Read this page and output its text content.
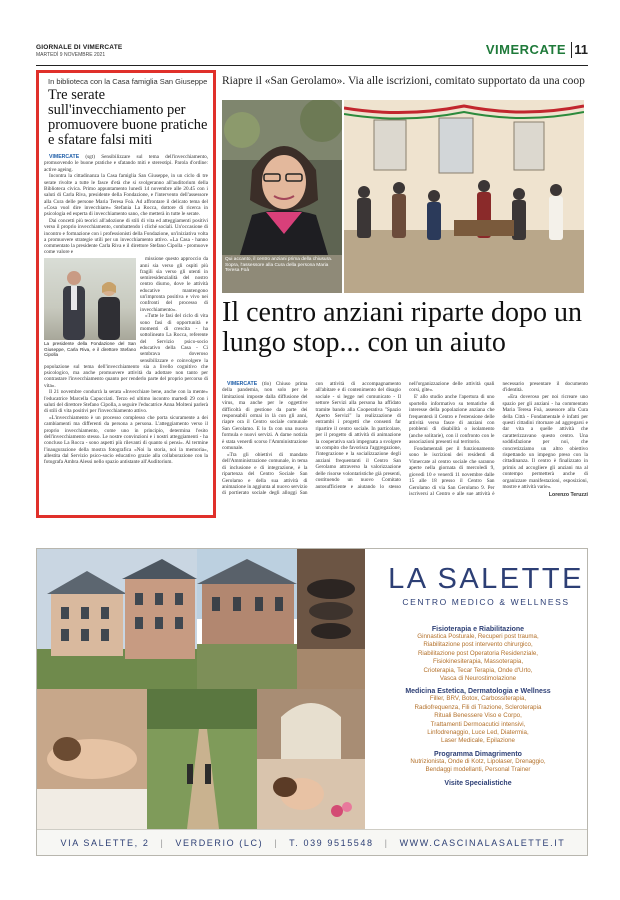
GIORNALE DI VIMERCATE
MARTEDÌ 9 NOVEMBRE 2021	VIMERCATE 11
In biblioteca con la Casa famiglia San Giuseppe
Tre serate sull'invecchiamento per promuovere buone pratiche e sfatare falsi miti

VIMERCATE (sgt) Sensibilizzare sul tema dell'invecchiamento, promuovendo le buone pratiche e sfatando miti e stereotipi. Parola d'ordine: active ageing.

Incontra la cittadinanza la Casa famiglia San Giuseppe, in un ciclo di tre serate rivolte a tutte le fasce d'età che si svolgeranno all'auditorium della Biblioteca civica. Primo appuntamento lunedì 14 novembre alle 20.45 con i saluti di Carla Riva, presidente della Fondazione, e l'intervento dell'assessore alla Cura delle persone Maria Teresa Foà. Ad affrontare il delicato tema del «Cosa vuol dire invecchiare» Stefania La Rocca, dottore di ricerca in psicologia ed esperta di invecchiamento sano, che metterà in tutte le serate.

Dai concetti più teorici all'adozione di stili di vita ed atteggiamenti positivi verso il proprio invecchiamento, combattendo i cliché sociali. Un'occasione di incontro e formazione con i professionisti della Fondazione, un'iniziativa volta a promuovere strategie utili per un invecchiamento attivo. «La Casa - hanno commentato la presidente Carla Riva e il direttore Stefano Cipolla - promuove come valore e

La presidente della Fondazione del San Giuseppe, Carla Riva, e il direttore Stefano Cipolla

missione questo approccio da anni sia verso gli ospiti più fragili sia verso gli utenti in semiresidenzialità del nostro centro diurno, dove le attività educative mantengono un'impronta positiva e vivo nei confronti del processo di invecchiamento».

«Tutte le fasi del ciclo di vita sono fasi di opportunità e momenti di crescita - ha sottolineato La Rocca, referente del Servizio psico-socio educativo della Casa - Ci sembrava doveroso sensibilizzare e coinvolgere la popolazione sul tema dell'invecchiamento sia a livello cognitivo che psicologico, ma anche promuovere attività da adottare non tanto per contrastare l'invecchiamento quanto per renderlo parte del proprio percorso di vita».

Il 21 novembre condurrà la serata «Invecchiare bene, anche con la mente» l'educatrice Marcella Capucciati. Terzo ed ultimo incontro martedì 29 con i saluti del direttore Stefano Cipolla, a seguire l'educatrice Anna Molteni parlerà di stili di vita positivi per l'invecchiamento attivo.

«L'invecchiamento è un processo complesso che porta sicuramente a dei cambiamenti ma differenti da persona a persona. L'atteggiamento verso il proprio invecchiamento, come uno in principio, determina l'esito dell'invecchiamento stesso. Le nostre convinzioni e i nostri atteggiamenti - ha concluso La Rocca - sono aspetti più rilevanti di quanto si pensi». Al termine l'inaugurazione della mostra fotografica «Noi la storia, noi la memoria», allestita dal Servizio psico-socio educativo grazie alla collaborazione con la fotografa Ambra Alessi nello spazio antistante all'Auditorium.

Riapre il «San Gerolamo». Via alle iscrizioni, comitato supportato da una coop
Qui accanto, il centro anziani prima della chiusura. Sopra, l'assessore alla Cura della persona Maria Teresa Foà
Il centro anziani riparte dopo un lungo stop... con un aiuto

VIMERCATE (tlo) Chiuso prima della pandemia, non solo per le limitazioni imposte dalla diffusione del virus, ma anche per le oggettive difficoltà di gestione da parte dei responsabili ormai in là con gli anni, riapre ora il Centro sociale comunale San Gerolamo. E lo fa con una nuova formula e nuovi servizi. A darne notizia è stata venerdì scorso l'Amministrazione comunale.

«Tra gli obiettivi di mandato dell'Amministrazione comunale, in tema di inclusione e di integrazione, è la ripartenza del Centro Sociale San Gerolamo e della sua attività di animazione in aggiunta al nuovo servizio di portierato sociale degli alloggi San con attività di accompagnamento all'abitare e di contenimento del disagio sociale - si legge nel comunicato - Il settore Servizi alla persona ha affidato tramite bando alla Cooperativa "Spazio Aperto Servizi" la realizzazione di entrambi i progetti che consenti far ripartire il centro sociale. In particolare, per il progetto di attività di animazione la cooperativa sarà impegnata a svolgere un compito che favorisca l'aggregazione, l'integrazione e la socializzazione degli anziani frequentanti il Centro San Gerolamo attraverso la valorizzazione delle risorse volontaristiche già presenti, costituendo un nuovo Comitato autosufficiente e aiutando lo stesso nell'organizzazione delle attività quali corsi, gite».

E' allo studio anche l'apertura di uno sportello informativo su tematiche di interesse della popolazione anziana che frequenterà il Centro e l'estensione delle attività verso fasce di anziani con problemi di disabilità o isolamento (anche solitarie), con il confronto con le associazioni presenti sul territorio.

Fondamentali per il funzionamento sono le iscrizioni dei residenti di Vimercate al centro sociale che saranno aperte nella giornata di mercoledì 9, giovedì 10 e venerdì 11 novembre dalle 15 alle 18 presso il Centro San Gerolamo di via San Gerolamo 9. Per iscriversi al Centro e alle sue attività è necessario presentare il documento d'identità.

«Era doveroso per noi ricreare uno spazio per gli anziani - ha commentato Maria Teresa Foà, assessore alla Cura della Città - Fondamentale è infatti per questi cittadini ritornare ad aggregarsi e dar vita a quelle attività che caratterizzavano questo centro. Una soddisfazione per noi, che concretizziamo un altro obiettivo rispettando un impegno preso con la cittadinanza. Il centro è finalizzato in primis ad accogliere gli anziani ma al contempo permetterà anche di organizzare manifestazioni, esposizioni, mostre e attività varie».

Lorenzo Teruzzi
LA SALETTE
CENTRO MEDICO & WELLNESS
Fisioterapia e Riabilitazione
Ginnastica Posturale, Recuperi post trauma,
Riabilitazione post intervento chirurgico,
Riabilitazione post Operatoria Residenziale,
Fisiokinesiterapia, Massoterapia,
Crioterapia, Tecar Terapia, Onde d'Urto,
Vasca di Neurostimolazione
Medicina Estetica, Dermatologia e Wellness
Filler, BRV, Botox, Carbossiterapia,
Radiofrequenza, Fili di Trazione, Scleroterapia
Rituali Benessere Viso e Corpo,
Trattamenti Dermoacutici intensivi,
Linfodrenaggio, Luce Led, Diatermia,
Laser Medicale, Epilazione
Programma Dimagrimento
Nutrizionista, Onde di Kotz, Lipolaser, Drenaggio,
Bendaggi modellanti, Personal Trainer
Visite Specialistiche
VIA SALETTE, 2 | VERDERIO (LC) | T. 039 9515548 | WWW.CASCINALASALETTE.IT
